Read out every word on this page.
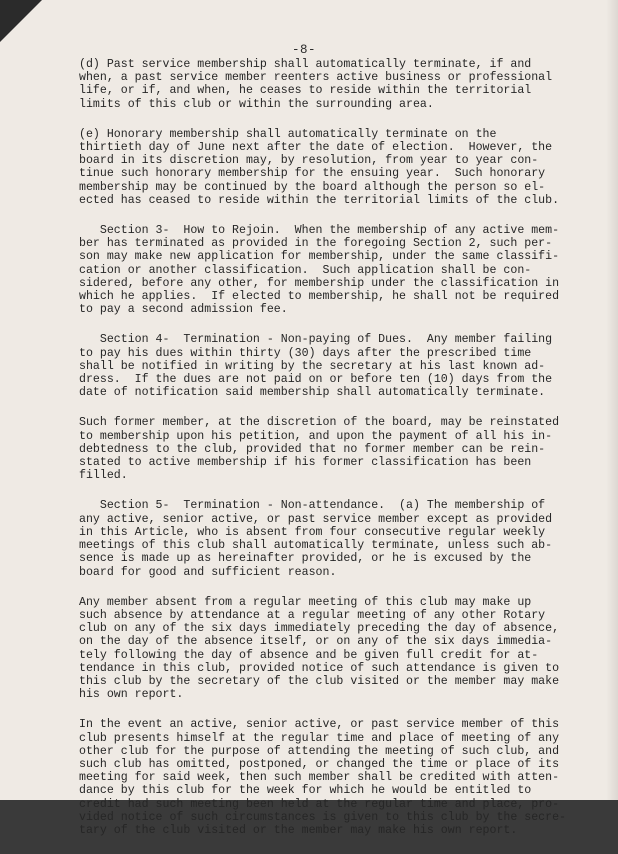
-8-
(d) Past service membership shall automatically terminate, if and
when, a past service member reenters active business or professional
life, or if, and when, he ceases to reside within the territorial
limits of this club or within the surrounding area.
(e) Honorary membership shall automatically terminate on the
thirtieth day of June next after the date of election.  However, the
board in its discretion may, by resolution, from year to year con-
tinue such honorary membership for the ensuing year.  Such honorary
membership may be continued by the board although the person so el-
ected has ceased to reside within the territorial limits of the club.
Section 3-  How to Rejoin.  When the membership of any active mem-
ber has terminated as provided in the foregoing Section 2, such per-
son may make new application for membership, under the same classifi-
cation or another classification.  Such application shall be con-
sidered, before any other, for membership under the classification in
which he applies.  If elected to membership, he shall not be required
to pay a second admission fee.
Section 4-  Termination - Non-paying of Dues.  Any member failing
to pay his dues within thirty (30) days after the prescribed time
shall be notified in writing by the secretary at his last known ad-
dress.  If the dues are not paid on or before ten (10) days from the
date of notification said membership shall automatically terminate.
Such former member, at the discretion of the board, may be reinstated
to membership upon his petition, and upon the payment of all his in-
debtedness to the club, provided that no former member can be rein-
stated to active membership if his former classification has been
filled.
Section 5-  Termination - Non-attendance.  (a) The membership of
any active, senior active, or past service member except as provided
in this Article, who is absent from four consecutive regular weekly
meetings of this club shall automatically terminate, unless such ab-
sence is made up as hereinafter provided, or he is excused by the
board for good and sufficient reason.
Any member absent from a regular meeting of this club may make up
such absence by attendance at a regular meeting of any other Rotary
club on any of the six days immediately preceding the day of absence,
on the day of the absence itself, or on any of the six days immedia-
tely following the day of absence and be given full credit for at-
tendance in this club, provided notice of such attendance is given to
this club by the secretary of the club visited or the member may make
his own report.
In the event an active, senior active, or past service member of this
club presents himself at the regular time and place of meeting of any
other club for the purpose of attending the meeting of such club, and
such club has omitted, postponed, or changed the time or place of its
meeting for said week, then such member shall be credited with atten-
dance by this club for the week for which he would be entitled to
credit had such meeting been held at the regular time and place, pro-
vided notice of such circumstances is given to this club by the secre-
tary of the club visited or the member may make his own report.
